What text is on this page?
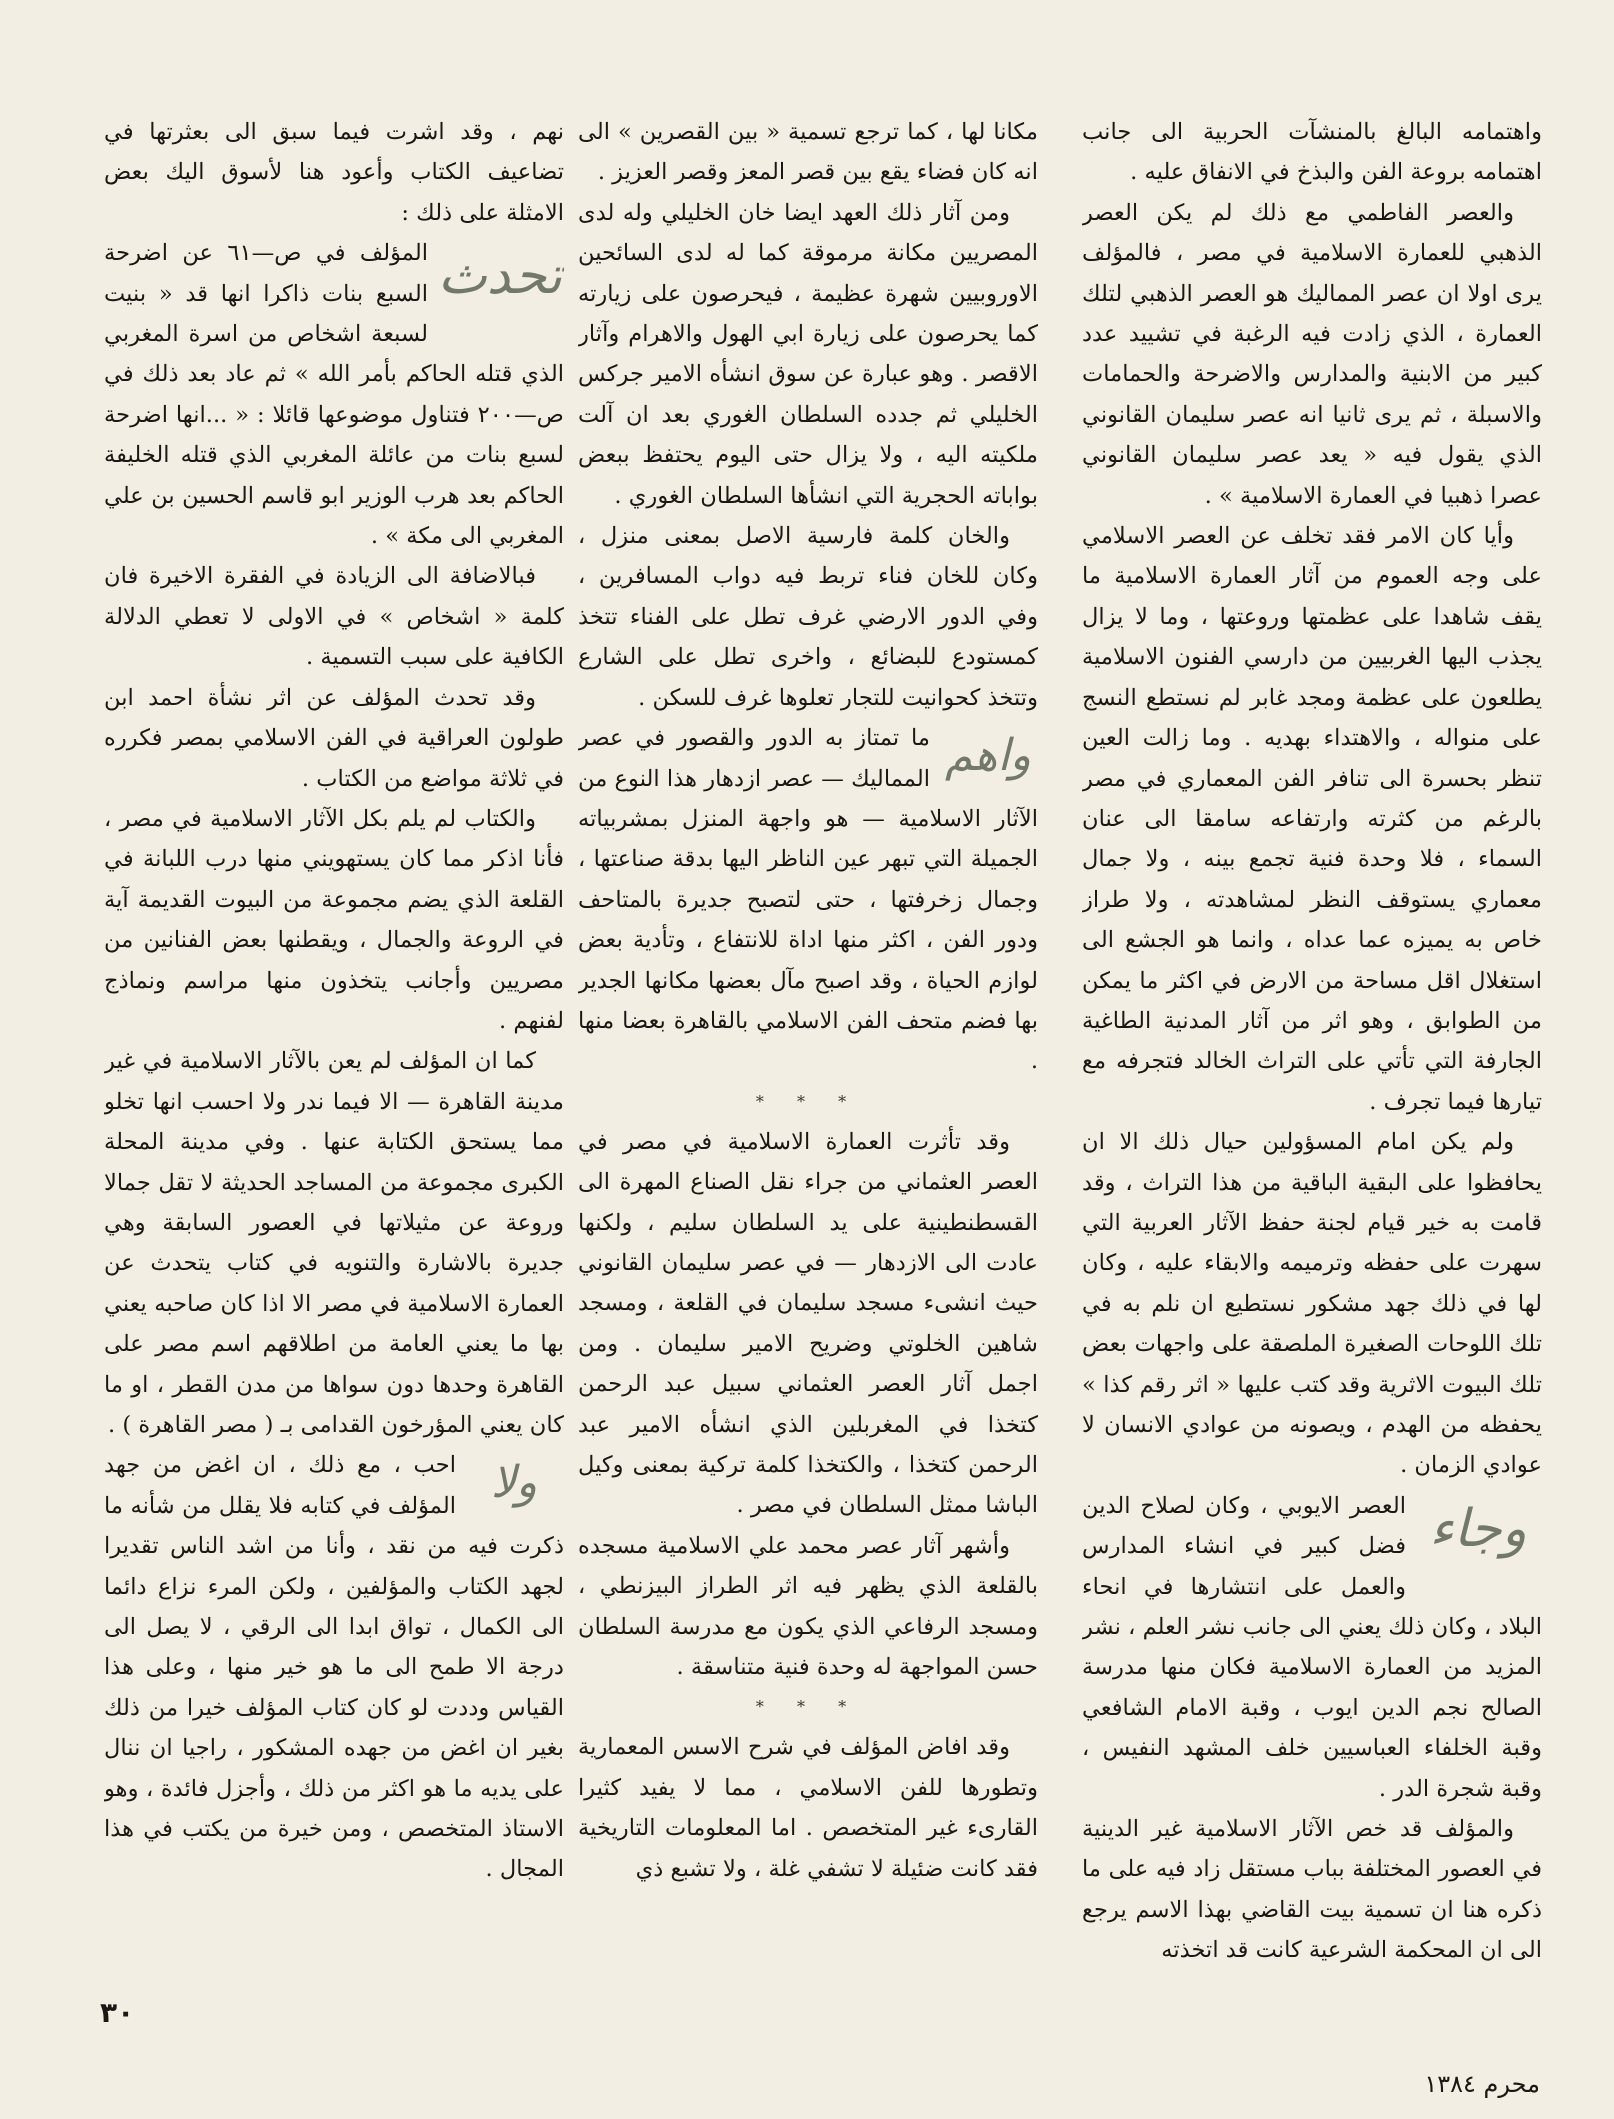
واهتمامه البالغ بالمنشآت الحربية الى جانب اهتمامه بروعة الفن والبذخ في الانفاق عليه .

والعصر الفاطمي مع ذلك لم يكن العصر الذهبي للعمارة الاسلامية في مصر ، فالمؤلف يرى اولا ان عصر المماليك هو العصر الذهبي لتلك العمارة ، الذي زادت فيه الرغبة في تشييد عدد كبير من الابنية والمدارس والاضرحة والحمامات والاسبلة ، ثم يرى ثانيا انه عصر سليمان القانوني الذي يقول فيه « يعد عصر سليمان القانوني عصرا ذهبيا في العمارة الاسلامية » .

وأيا كان الامر فقد تخلف عن العصر الاسلامي على وجه العموم من آثار العمارة الاسلامية ما يقف شاهدا على عظمتها وروعتها ، وما لا يزال يجذب اليها الغربيين من دارسي الفنون الاسلامية يطلعون على عظمة ومجد غابر لم نستطع النسج على منواله ، والاهتداء بهديه . وما زالت العين تنظر بحسرة الى تنافر الفن المعماري في مصر بالرغم من كثرته وارتفاعه سامقا الى عنان السماء ، فلا وحدة فنية تجمع بينه ، ولا جمال معماري يستوقف النظر لمشاهدته ، ولا طراز خاص به يميزه عما عداه ، وانما هو الجشع الى استغلال اقل مساحة من الارض في اكثر ما يمكن من الطوابق ، وهو اثر من آثار المدنية الطاغية الجارفة التي تأتي على التراث الخالد فتجرفه مع تيارها فيما تجرف .

ولم يكن امام المسؤولين حيال ذلك الا ان يحافظوا على البقية الباقية من هذا التراث ، وقد قامت به خير قيام لجنة حفظ الآثار العربية التي سهرت على حفظه وترميمه والابقاء عليه ، وكان لها في ذلك جهد مشكور نستطيع ان نلم به في تلك اللوحات الصغيرة الملصقة على واجهات بعض تلك البيوت الاثرية وقد كتب عليها « اثر رقم كذا » يحفظه من الهدم ، ويصونه من عوادي الانسان لا عوادي الزمان .

وجاء

العصر الايوبي ، وكان لصلاح الدين فضل كبير في انشاء المدارس والعمل على انتشارها في انحاء البلاد ، وكان ذلك يعني الى جانب نشر العلم ، نشر المزيد من العمارة الاسلامية فكان منها مدرسة الصالح نجم الدين ايوب ، وقبة الامام الشافعي وقبة الخلفاء العباسيين خلف المشهد النفيس ، وقبة شجرة الدر .

والمؤلف قد خص الآثار الاسلامية غير الدينية في العصور المختلفة بباب مستقل زاد فيه على ما ذكره هنا ان تسمية بيت القاضي بهذا الاسم يرجع الى ان المحكمة الشرعية كانت قد اتخذته

مكانا لها ، كما ترجع تسمية « بين القصرين » الى انه كان فضاء يقع بين قصر المعز وقصر العزيز .

ومن آثار ذلك العهد ايضا خان الخليلي وله لدى المصريين مكانة مرموقة كما له لدى السائحين الاوروبيين شهرة عظيمة ، فيحرصون على زيارته كما يحرصون على زيارة ابي الهول والاهرام وآثار الاقصر . وهو عبارة عن سوق انشأه الامير جركس الخليلي ثم جدده السلطان الغوري بعد ان آلت ملكيته اليه ، ولا يزال حتى اليوم يحتفظ ببعض بواباته الحجرية التي انشأها السلطان الغوري .

والخان كلمة فارسية الاصل بمعنى منزل ، وكان للخان فناء تربط فيه دواب المسافرين ، وفي الدور الارضي غرف تطل على الفناء تتخذ كمستودع للبضائع ، واخرى تطل على الشارع وتتخذ كحوانيت للتجار تعلوها غرف للسكن .

واهم

ما تمتاز به الدور والقصور في عصر المماليك — عصر ازدهار هذا النوع من الآثار الاسلامية — هو واجهة المنزل بمشربياته الجميلة التي تبهر عين الناظر اليها بدقة صناعتها ، وجمال زخرفتها ، حتى لتصبح جديرة بالمتاحف ودور الفن ، اكثر منها اداة للانتفاع ، وتأدية بعض لوازم الحياة ، وقد اصبح مآل بعضها مكانها الجدير بها فضم متحف الفن الاسلامي بالقاهرة بعضا منها .

* * *

وقد تأثرت العمارة الاسلامية في مصر في العصر العثماني من جراء نقل الصناع المهرة الى القسطنطينية على يد السلطان سليم ، ولكنها عادت الى الازدهار — في عصر سليمان القانوني حيث انشىء مسجد سليمان في القلعة ، ومسجد شاهين الخلوتي وضريح الامير سليمان . ومن اجمل آثار العصر العثماني سبيل عبد الرحمن كتخذا في المغربلين الذي انشأه الامير عبد الرحمن كتخذا ، والكتخذا كلمة تركية بمعنى وكيل الباشا ممثل السلطان في مصر .

وأشهر آثار عصر محمد علي الاسلامية مسجده بالقلعة الذي يظهر فيه اثر الطراز البيزنطي ، ومسجد الرفاعي الذي يكون مع مدرسة السلطان حسن المواجهة له وحدة فنية متناسقة .

* * *

وقد افاض المؤلف في شرح الاسس المعمارية وتطورها للفن الاسلامي ، مما لا يفيد كثيرا القارىء غير المتخصص . اما المعلومات التاريخية فقد كانت ضئيلة لا تشفي غلة ، ولا تشبع ذي

نهم ، وقد اشرت فيما سبق الى بعثرتها في تضاعيف الكتاب وأعود هنا لأسوق اليك بعض الامثلة على ذلك :

تحدث

المؤلف في ص—٦١ عن اضرحة السبع بنات ذاكرا انها قد « بنيت لسبعة اشخاص من اسرة المغربي الذي قتله الحاكم بأمر الله » ثم عاد بعد ذلك في ص—٢٠٠ فتناول موضوعها قائلا : « ...انها اضرحة لسبع بنات من عائلة المغربي الذي قتله الخليفة الحاكم بعد هرب الوزير ابو قاسم الحسين بن علي المغربي الى مكة » .

فبالاضافة الى الزيادة في الفقرة الاخيرة فان كلمة « اشخاص » في الاولى لا تعطي الدلالة الكافية على سبب التسمية .

وقد تحدث المؤلف عن اثر نشأة احمد ابن طولون العراقية في الفن الاسلامي بمصر فكرره في ثلاثة مواضع من الكتاب .

والكتاب لم يلم بكل الآثار الاسلامية في مصر ، فأنا اذكر مما كان يستهويني منها درب اللبانة في القلعة الذي يضم مجموعة من البيوت القديمة آية في الروعة والجمال ، ويقطنها بعض الفنانين من مصريين وأجانب يتخذون منها مراسم ونماذج لفنهم .

كما ان المؤلف لم يعن بالآثار الاسلامية في غير مدينة القاهرة — الا فيما ندر ولا احسب انها تخلو مما يستحق الكتابة عنها . وفي مدينة المحلة الكبرى مجموعة من المساجد الحديثة لا تقل جمالا وروعة عن مثيلاتها في العصور السابقة وهي جديرة بالاشارة والتنويه في كتاب يتحدث عن العمارة الاسلامية في مصر الا اذا كان صاحبه يعني بها ما يعني العامة من اطلاقهم اسم مصر على القاهرة وحدها دون سواها من مدن القطر ، او ما كان يعني المؤرخون القدامى بـ ( مصر القاهرة ) .

ولا

احب ، مع ذلك ، ان اغض من جهد المؤلف في كتابه فلا يقلل من شأنه ما ذكرت فيه من نقد ، وأنا من اشد الناس تقديرا لجهد الكتاب والمؤلفين ، ولكن المرء نزاع دائما الى الكمال ، تواق ابدا الى الرقي ، لا يصل الى درجة الا طمح الى ما هو خير منها ، وعلى هذا القياس وددت لو كان كتاب المؤلف خيرا من ذلك بغير ان اغض من جهده المشكور ، راجيا ان ننال على يديه ما هو اكثر من ذلك ، وأجزل فائدة ، وهو الاستاذ المتخصص ، ومن خيرة من يكتب في هذا المجال .

٣٠
محرم ١٣٨٤
